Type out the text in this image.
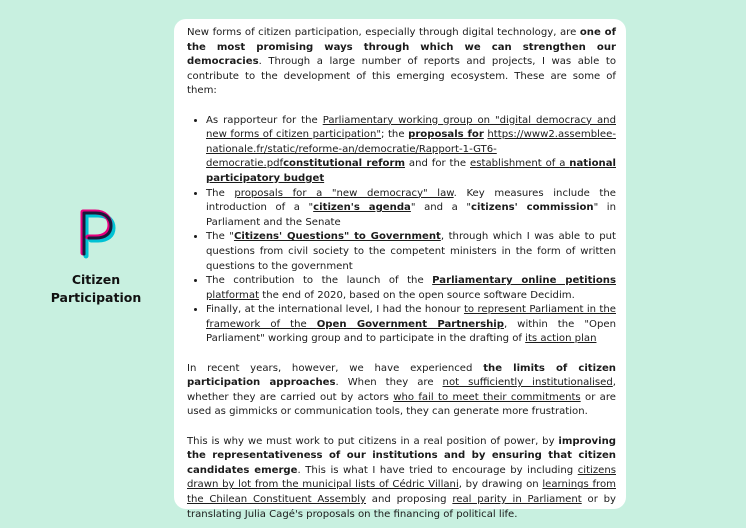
Citizen
Participation

New forms of citizen participation, especially through digital technology, are one of the most promising ways through which we can strengthen our democracies. Through a large number of reports and projects, I was able to contribute to the development of this emerging ecosystem. These are some of them:

• As rapporteur for the Parliamentary working group on "digital democracy and new forms of citizen participation"; the proposals for https://www2.assemblee-nationale.fr/static/reforme-an/democratie/Rapport-1-GT6-democratie.pdfconstitutional reform and for the establishment of a national participatory budget
• The proposals for a "new democracy" law. Key measures include the introduction of a "citizen's agenda" and a "citizens' commission" in Parliament and the Senate
• The "Citizens' Questions" to Government, through which I was able to put questions from civil society to the competent ministers in the form of written questions to the government
• The contribution to the launch of the Parliamentary online petitions platformat the end of 2020, based on the open source software Decidim.
• Finally, at the international level, I had the honour to represent Parliament in the framework of the Open Government Partnership, within the "Open Parliament" working group and to participate in the drafting of its action plan

In recent years, however, we have experienced the limits of citizen participation approaches. When they are not sufficiently institutionalised, whether they are carried out by actors who fail to meet their commitments or are used as gimmicks or communication tools, they can generate more frustration.

This is why we must work to put citizens in a real position of power, by improving the representativeness of our institutions and by ensuring that citizen candidates emerge. This is what I have tried to encourage by including citizens drawn by lot from the municipal lists of Cédric Villani, by drawing on learnings from the Chilean Constituent Assembly and proposing real parity in Parliament or by translating Julia Cagé's proposals on the financing of political life.
